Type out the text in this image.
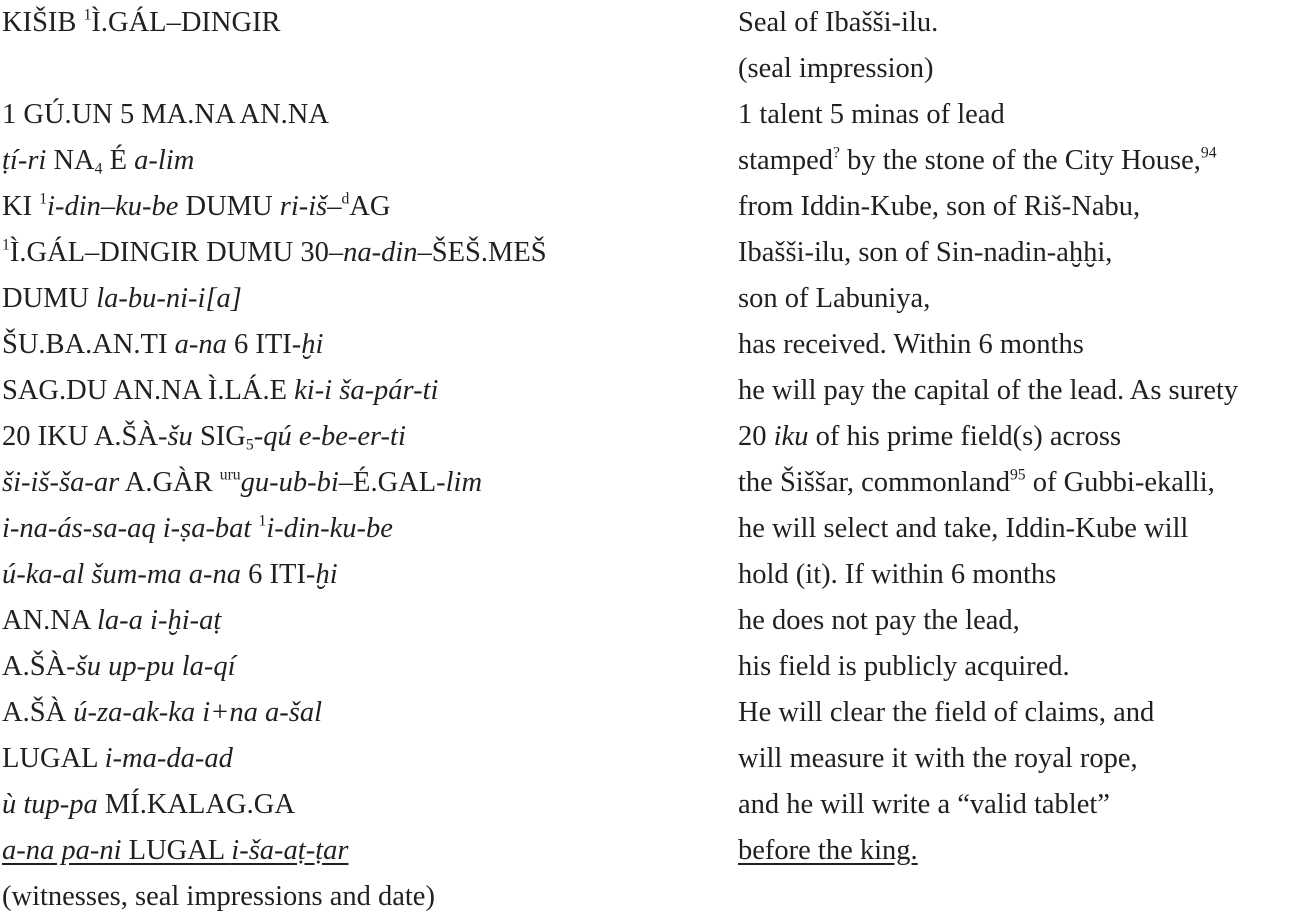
KIŠIB $^1$Ì.GÁL–DINGIR
1 GÚ.UN 5 MA.NA AN.NA
ṭí-ri $NA_4$ É a-lim
KI $^1$i-din–ku-be DUMU ri-iš–$^d$AG
$^1$Ì.GÁL–DINGIR DUMU 30–na-din–ŠEŠ.MEŠ
DUMU la-bu-ni-i[a]
ŠU.BA.AN.TI a-na 6 ITI-ḫi
SAG.DU AN.NA Ì.LÁ.E ki-i ša-pár-ti
20 IKU A.ŠÀ-šu $SIG_5-qú$ e-be-er-ti
ši-iš-ša-ar A.GÀR $^{uru}$gu-ub-bi–É.GAL-lim
i-na-ás-sa-aq i-ṣa-bat $^1$i-din-ku-be
ú-ka-al šum-ma a-na 6 ITI-ḫi
AN.NA la-a i-ḫi-aṭ
A.ŠÀ-šu up-pu la-qí
A.ŠÀ ú-za-ak-ka i+na a-šal
LUGAL i-ma-da-ad
ù tup-pa MÍ.KALAG.GA
a-na pa-ni LUGAL i-ša-aṭ-ṭar
(witnesses, seal impressions and date)
Seal of Ibašši-ilu.
(seal impression)
1 talent 5 minas of lead
stamped? by the stone of the City House,$^{94}$
from Iddin-Kube, son of Riš-Nabu,
Ibašši-ilu, son of Sin-nadin-aḫḫi,
son of Labuniya,
has received. Within 6 months
he will pay the capital of the lead. As surety
20 iku of his prime field(s) across
the Šiššar, commonland$^{95}$ of Gubbi-ekalli,
he will select and take, Iddin-Kube will
hold (it). If within 6 months
he does not pay the lead,
his field is publicly acquired.
He will clear the field of claims, and
will measure it with the royal rope,
and he will write a “valid tablet”
before the king.
